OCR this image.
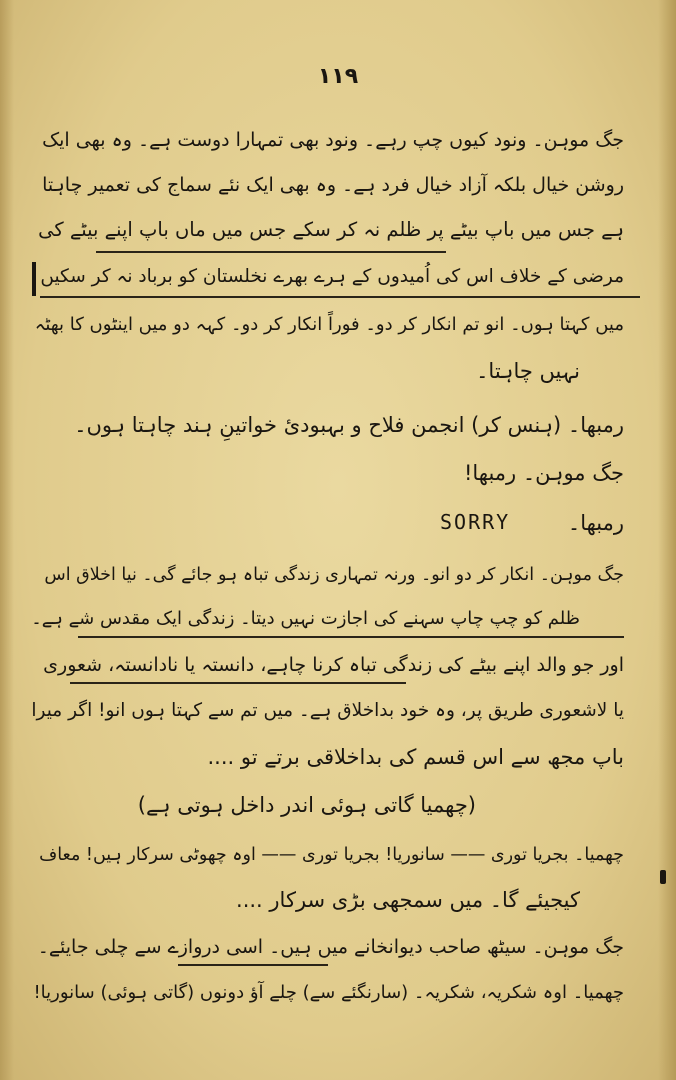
۱۱۹
جگ موہن۔ ونود کیوں چپ رہے۔ ونود بھی تمہارا دوست ہے۔ وہ بھی ایک
روشن خیال بلکہ آزاد خیال فرد ہے۔ وہ بھی ایک نئے سماج کی تعمیر چاہتا
ہے جس میں باپ بیٹے پر ظلم نہ کر سکے جس میں ماں باپ اپنے بیٹے کی
مرضی کے خلاف اس کی اُمیدوں کے ہرے بھرے نخلستان کو برباد نہ کر سکیں
میں کہتا ہوں۔ انو تم انکار کر دو۔ فوراً انکار کر دو۔ کہہ دو میں اینٹوں کا بھٹہ
نہیں چاہتا۔
رمبھا۔ (ہنس کر) انجمن فلاح و بہبودیٔ خواتینِ ہند چاہتا ہوں۔
جگ موہن۔ رمبھا!
رمبھا۔
SORRY
جگ موہن۔ انکار کر دو انو۔ ورنہ تمہاری زندگی تباہ ہو جائے گی۔ نیا اخلاق اس
ظلم کو چپ چاپ سہنے کی اجازت نہیں دیتا۔ زندگی ایک مقدس شے ہے۔
اور جو والد اپنے بیٹے کی زندگی تباہ کرنا چاہے، دانستہ یا نادانستہ، شعوری
یا لاشعوری طریق پر، وہ خود بداخلاق ہے۔ میں تم سے کہتا ہوں انو! اگر میرا
باپ مجھ سے اس قسم کی بداخلاقی برتے تو ....
(چھمیا گاتی ہوئی اندر داخل ہوتی ہے)
چھمیا۔ بجریا توری —— سانوریا! بجریا توری —— اوہ چھوٹی سرکار ہیں! معاف
کیجیئے گا۔ میں سمجھی بڑی سرکار ....
جگ موہن۔ سیٹھ صاحب دیوانخانے میں ہیں۔ اسی دروازے سے چلی جایئے۔
چھمیا۔ اوہ شکریہ، شکریہ۔ (سارنگئے سے) چلے آؤ دونوں (گاتی ہوئی) سانوریا!
